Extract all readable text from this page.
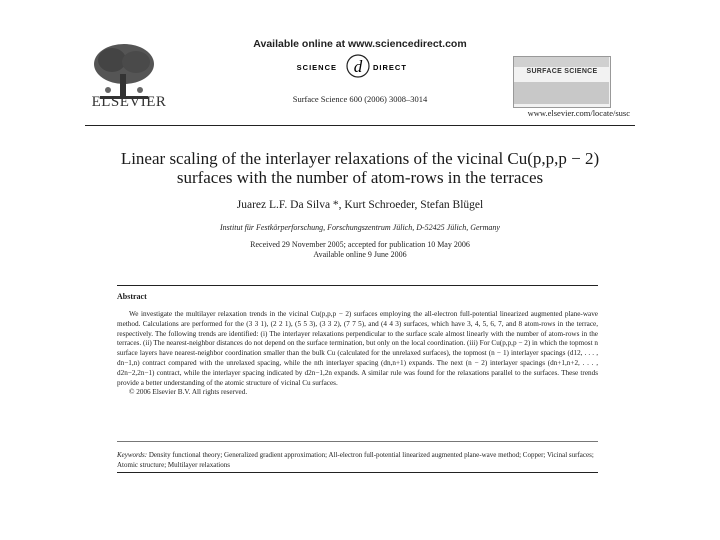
ELSEVIER
Available online at www.sciencedirect.com
SCIENCE d DIRECT
Surface Science 600 (2006) 3008–3014
SURFACE SCIENCE
www.elsevier.com/locate/susc
Linear scaling of the interlayer relaxations of the vicinal Cu(p,p,p − 2)
surfaces with the number of atom-rows in the terraces
Juarez L.F. Da Silva *, Kurt Schroeder, Stefan Blügel
Institut für Festkörperforschung, Forschungszentrum Jülich, D-52425 Jülich, Germany
Received 29 November 2005; accepted for publication 10 May 2006
Available online 9 June 2006
Abstract

We investigate the multilayer relaxation trends in the vicinal Cu(p,p,p − 2) surfaces employing the all-electron full-potential linearized augmented plane-wave method. Calculations are performed for the (3 3 1), (2 2 1), (5 5 3), (3 3 2), (7 7 5), and (4 4 3) surfaces, which have 3, 4, 5, 6, 7, and 8 atom-rows in the terrace, respectively. The following trends are identified: (i) The interlayer relaxations perpendicular to the surface scale almost linearly with the number of atom-rows in the terraces. (ii) The nearest-neighbor distances do not depend on the surface termination, but only on the local coordination. (iii) For Cu(p,p,p − 2) in which the topmost n surface layers have nearest-neighbor coordination smaller than the bulk Cu (calculated for the unrelaxed surfaces), the topmost (n − 1) interlayer spacings (d12, . . . , dn−1,n) contract compared with the unrelaxed spacing, while the nth interlayer spacing (dn,n+1) expands. The next (n − 2) interlayer spacings (dn+1,n+2, . . . , d2n−2,2n−1) contract, while the interlayer spacing indicated by d2n−1,2n expands. A similar rule was found for the relaxations parallel to the surfaces. These trends provide a better understanding of the atomic structure of vicinal Cu surfaces.

© 2006 Elsevier B.V. All rights reserved.

Keywords: Density functional theory; Generalized gradient approximation; All-electron full-potential linearized augmented plane-wave method; Copper; Vicinal surfaces; Atomic structure; Multilayer relaxations
